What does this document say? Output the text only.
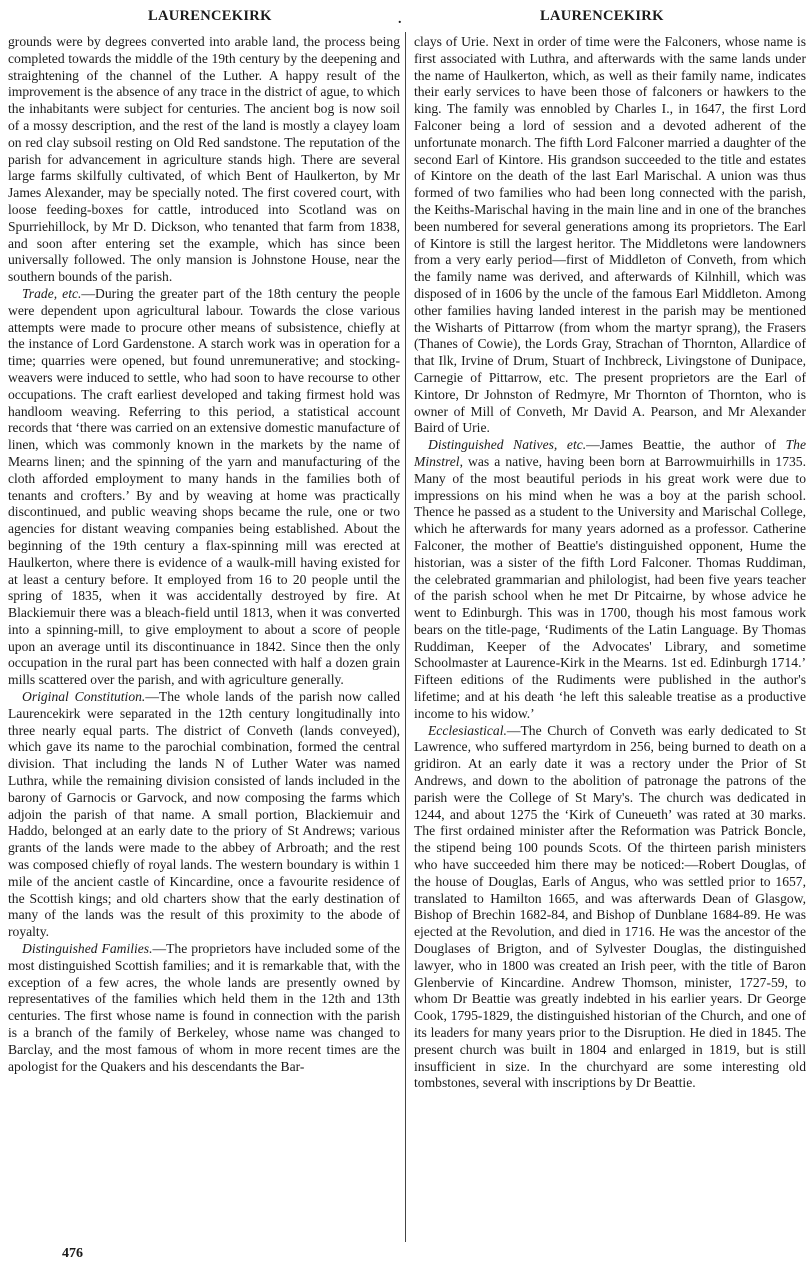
LAURENCEKIRK	.	LAURENCEKIRK

grounds were by degrees converted into arable land, the process being completed towards the middle of the 19th century by the deepening and straightening of the channel of the Luther. A happy result of the improvement is the absence of any trace in the district of ague, to which the inhabitants were subject for centuries. The ancient bog is now soil of a mossy description, and the rest of the land is mostly a clayey loam on red clay subsoil resting on Old Red sandstone. The reputation of the parish for advancement in agriculture stands high. There are several large farms skilfully cultivated, of which Bent of Haulkerton, by Mr James Alexander, may be specially noted. The first covered court, with loose feeding-boxes for cattle, introduced into Scotland was on Spurriehillock, by Mr D. Dickson, who tenanted that farm from 1838, and soon after entering set the example, which has since been universally followed. The only mansion is Johnstone House, near the southern bounds of the parish.

Trade, etc.—During the greater part of the 18th century the people were dependent upon agricultural labour. Towards the close various attempts were made to procure other means of subsistence, chiefly at the instance of Lord Gardenstone. A starch work was in operation for a time; quarries were opened, but found unremunerative; and stocking-weavers were induced to settle, who had soon to have recourse to other occupations. The craft earliest developed and taking firmest hold was handloom weaving. Referring to this period, a statistical account records that ‘there was carried on an extensive domestic manufacture of linen, which was commonly known in the markets by the name of Mearns linen; and the spinning of the yarn and manufacturing of the cloth afforded employment to many hands in the families both of tenants and crofters.’ By and by weaving at home was practically discontinued, and public weaving shops became the rule, one or two agencies for distant weaving companies being established. About the beginning of the 19th century a flax-spinning mill was erected at Haulkerton, where there is evidence of a waulk-mill having existed for at least a century before. It employed from 16 to 20 people until the spring of 1835, when it was accidentally destroyed by fire. At Blackiemuir there was a bleach-field until 1813, when it was converted into a spinning-mill, to give employment to about a score of people upon an average until its discontinuance in 1842. Since then the only occupation in the rural part has been connected with half a dozen grain mills scattered over the parish, and with agriculture generally.

Original Constitution.—The whole lands of the parish now called Laurencekirk were separated in the 12th century longitudinally into three nearly equal parts. The district of Conveth (lands conveyed), which gave its name to the parochial combination, formed the central division. That including the lands N of Luther Water was named Luthra, while the remaining division consisted of lands included in the barony of Garnocis or Garvock, and now composing the farms which adjoin the parish of that name. A small portion, Blackiemuir and Haddo, belonged at an early date to the priory of St Andrews; various grants of the lands were made to the abbey of Arbroath; and the rest was composed chiefly of royal lands. The western boundary is within 1 mile of the ancient castle of Kincardine, once a favourite residence of the Scottish kings; and old charters show that the early destination of many of the lands was the result of this proximity to the abode of royalty.

Distinguished Families.—The proprietors have included some of the most distinguished Scottish families; and it is remarkable that, with the exception of a few acres, the whole lands are presently owned by representatives of the families which held them in the 12th and 13th centuries. The first whose name is found in connection with the parish is a branch of the family of Berkeley, whose name was changed to Barclay, and the most famous of whom in more recent times are the apologist for the Quakers and his descendants the Bar-

clays of Urie. Next in order of time were the Falconers, whose name is first associated with Luthra, and afterwards with the same lands under the name of Haulkerton, which, as well as their family name, indicates their early services to have been those of falconers or hawkers to the king. The family was ennobled by Charles I., in 1647, the first Lord Falconer being a lord of session and a devoted adherent of the unfortunate monarch. The fifth Lord Falconer married a daughter of the second Earl of Kintore. His grandson succeeded to the title and estates of Kintore on the death of the last Earl Marischal. A union was thus formed of two families who had been long connected with the parish, the Keiths-Marischal having in the main line and in one of the branches been numbered for several generations among its proprietors. The Earl of Kintore is still the largest heritor. The Middletons were landowners from a very early period—first of Middleton of Conveth, from which the family name was derived, and afterwards of Kilnhill, which was disposed of in 1606 by the uncle of the famous Earl Middleton. Among other families having landed interest in the parish may be mentioned the Wisharts of Pittarrow (from whom the martyr sprang), the Frasers (Thanes of Cowie), the Lords Gray, Strachan of Thornton, Allardice of that Ilk, Irvine of Drum, Stuart of Inchbreck, Livingstone of Dunipace, Carnegie of Pittarrow, etc. The present proprietors are the Earl of Kintore, Dr Johnston of Redmyre, Mr Thornton of Thornton, who is owner of Mill of Conveth, Mr David A. Pearson, and Mr Alexander Baird of Urie.

Distinguished Natives, etc.—James Beattie, the author of The Minstrel, was a native, having been born at Barrowmuirhills in 1735. Many of the most beautiful periods in his great work were due to impressions on his mind when he was a boy at the parish school. Thence he passed as a student to the University and Marischal College, which he afterwards for many years adorned as a professor. Catherine Falconer, the mother of Beattie's distinguished opponent, Hume the historian, was a sister of the fifth Lord Falconer. Thomas Ruddiman, the celebrated grammarian and philologist, had been five years teacher of the parish school when he met Dr Pitcairne, by whose advice he went to Edinburgh. This was in 1700, though his most famous work bears on the title-page, ‘Rudiments of the Latin Language. By Thomas Ruddiman, Keeper of the Advocates' Library, and sometime Schoolmaster at Laurence-Kirk in the Mearns. 1st ed. Edinburgh 1714.’ Fifteen editions of the Rudiments were published in the author's lifetime; and at his death ‘he left this saleable treatise as a productive income to his widow.’

Ecclesiastical.—The Church of Conveth was early dedicated to St Lawrence, who suffered martyrdom in 256, being burned to death on a gridiron. At an early date it was a rectory under the Prior of St Andrews, and down to the abolition of patronage the patrons of the parish were the College of St Mary's. The church was dedicated in 1244, and about 1275 the ‘Kirk of Cuneueth’ was rated at 30 marks. The first ordained minister after the Reformation was Patrick Boncle, the stipend being 100 pounds Scots. Of the thirteen parish ministers who have succeeded him there may be noticed:—Robert Douglas, of the house of Douglas, Earls of Angus, who was settled prior to 1657, translated to Hamilton 1665, and was afterwards Dean of Glasgow, Bishop of Brechin 1682-84, and Bishop of Dunblane 1684-89. He was ejected at the Revolution, and died in 1716. He was the ancestor of the Douglases of Brigton, and of Sylvester Douglas, the distinguished lawyer, who in 1800 was created an Irish peer, with the title of Baron Glenbervie of Kincardine. Andrew Thomson, minister, 1727-59, to whom Dr Beattie was greatly indebted in his earlier years. Dr George Cook, 1795-1829, the distinguished historian of the Church, and one of its leaders for many years prior to the Disruption. He died in 1845. The present church was built in 1804 and enlarged in 1819, but is still insufficient in size. In the churchyard are some interesting old tombstones, several with inscriptions by Dr Beattie.

476
